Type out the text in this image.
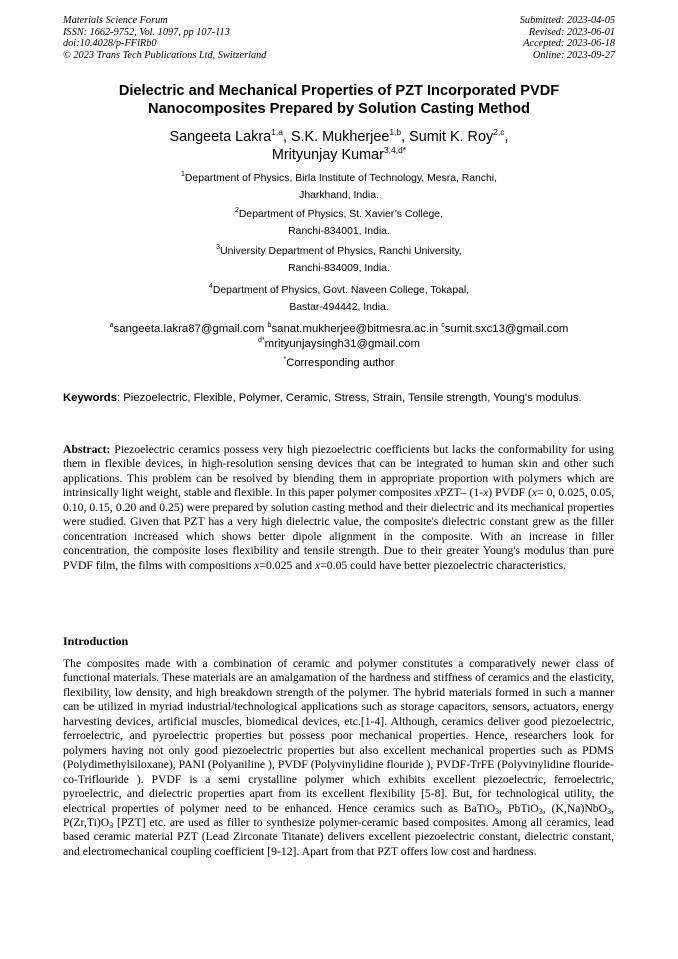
Materials Science Forum
ISSN: 1662-9752, Vol. 1097, pp 107-113
doi:10.4028/p-FFlRb0
© 2023 Trans Tech Publications Ltd, Switzerland
Submitted: 2023-04-05
Revised: 2023-06-01
Accepted: 2023-06-18
Online: 2023-09-27
Dielectric and Mechanical Properties of PZT Incorporated PVDF
Nanocomposites Prepared by Solution Casting Method
Sangeeta Lakra$^{1,a}$, S.K. Mukherjee$^{1,b}$, Sumit K. Roy$^{2,c}$,
Mrityunjay Kumar$^{3,4,d*}$
$^1$Department of Physics, Birla Institute of Technology, Mesra, Ranchi,
Jharkhand, India.
$^2$Department of Physics, St. Xavier’s College,
Ranchi-834001, India.
$^3$University Department of Physics, Ranchi University,
Ranchi-834009, India.
$^4$Department of Physics, Govt. Naveen College, Tokapal,
Bastar-494442, India.
$^a$sangeeta.lakra87@gmail.com $^b$sanat.mukherjee@bitmesra.ac.in $^c$sumit.sxc13@gmail.com
$^{d*}$mrityunjaysingh31@gmail.com
*Corresponding author
Keywords: Piezoelectric, Flexible, Polymer, Ceramic, Stress, Strain, Tensile strength, Young's modulus.
Abstract: Piezoelectric ceramics possess very high piezoelectric coefficients but lacks the conformability for using them in flexible devices, in high-resolution sensing devices that can be integrated to human skin and other such applications. This problem can be resolved by blending them in appropriate proportion with polymers which are intrinsically light weight, stable and flexible. In this paper polymer composites xPZT– (1-x) PVDF (x= 0, 0.025, 0.05, 0.10, 0.15, 0.20 and 0.25) were prepared by solution casting method and their dielectric and its mechanical properties were studied. Given that PZT has a very high dielectric value, the composite's dielectric constant grew as the filler concentration increased which shows better dipole alignment in the composite. With an increase in filler concentration, the composite loses flexibility and tensile strength. Due to their greater Young's modulus than pure PVDF film, the films with compositions x=0.025 and x=0.05 could have better piezoelectric characteristics.
Introduction
The composites made with a combination of ceramic and polymer constitutes a comparatively newer class of functional materials. These materials are an amalgamation of the hardness and stiffness of ceramics and the elasticity, flexibility, low density, and high breakdown strength of the polymer. The hybrid materials formed in such a manner can be utilized in myriad industrial/technological applications such as storage capacitors, sensors, actuators, energy harvesting devices, artificial muscles, biomedical devices, etc.[1-4]. Although, ceramics deliver good piezoelectric, ferroelectric, and pyroelectric properties but possess poor mechanical properties. Hence, researchers look for polymers having not only good piezoelectric properties but also excellent mechanical properties such as PDMS (Polydimethylsiloxane), PANI (Polyaniline ), PVDF (Polyvinylidine flouride ), PVDF-TrFE (Polyvinylidine flouride-co-Triflouride ). PVDF is a semi crystalline polymer which exhibits excellent piezoelectric, ferroelectric, pyroelectric, and dielectric properties apart from its excellent flexibility [5-8]. But, for technological utility, the electrical properties of polymer need to be enhanced. Hence ceramics such as BaTiO$_3$, PbTiO$_3$, (K,Na)NbO$_3$, $P(Zr,Ti)O_3$ [PZT] etc. are used as filler to synthesize polymer-ceramic based composites. Among all ceramics, lead based ceramic material PZT (Lead Zirconate Titanate) delivers excellent piezoelectric constant, dielectric constant, and electromechanical coupling coefficient [9-12]. Apart from that PZT offers low cost and hardness.
